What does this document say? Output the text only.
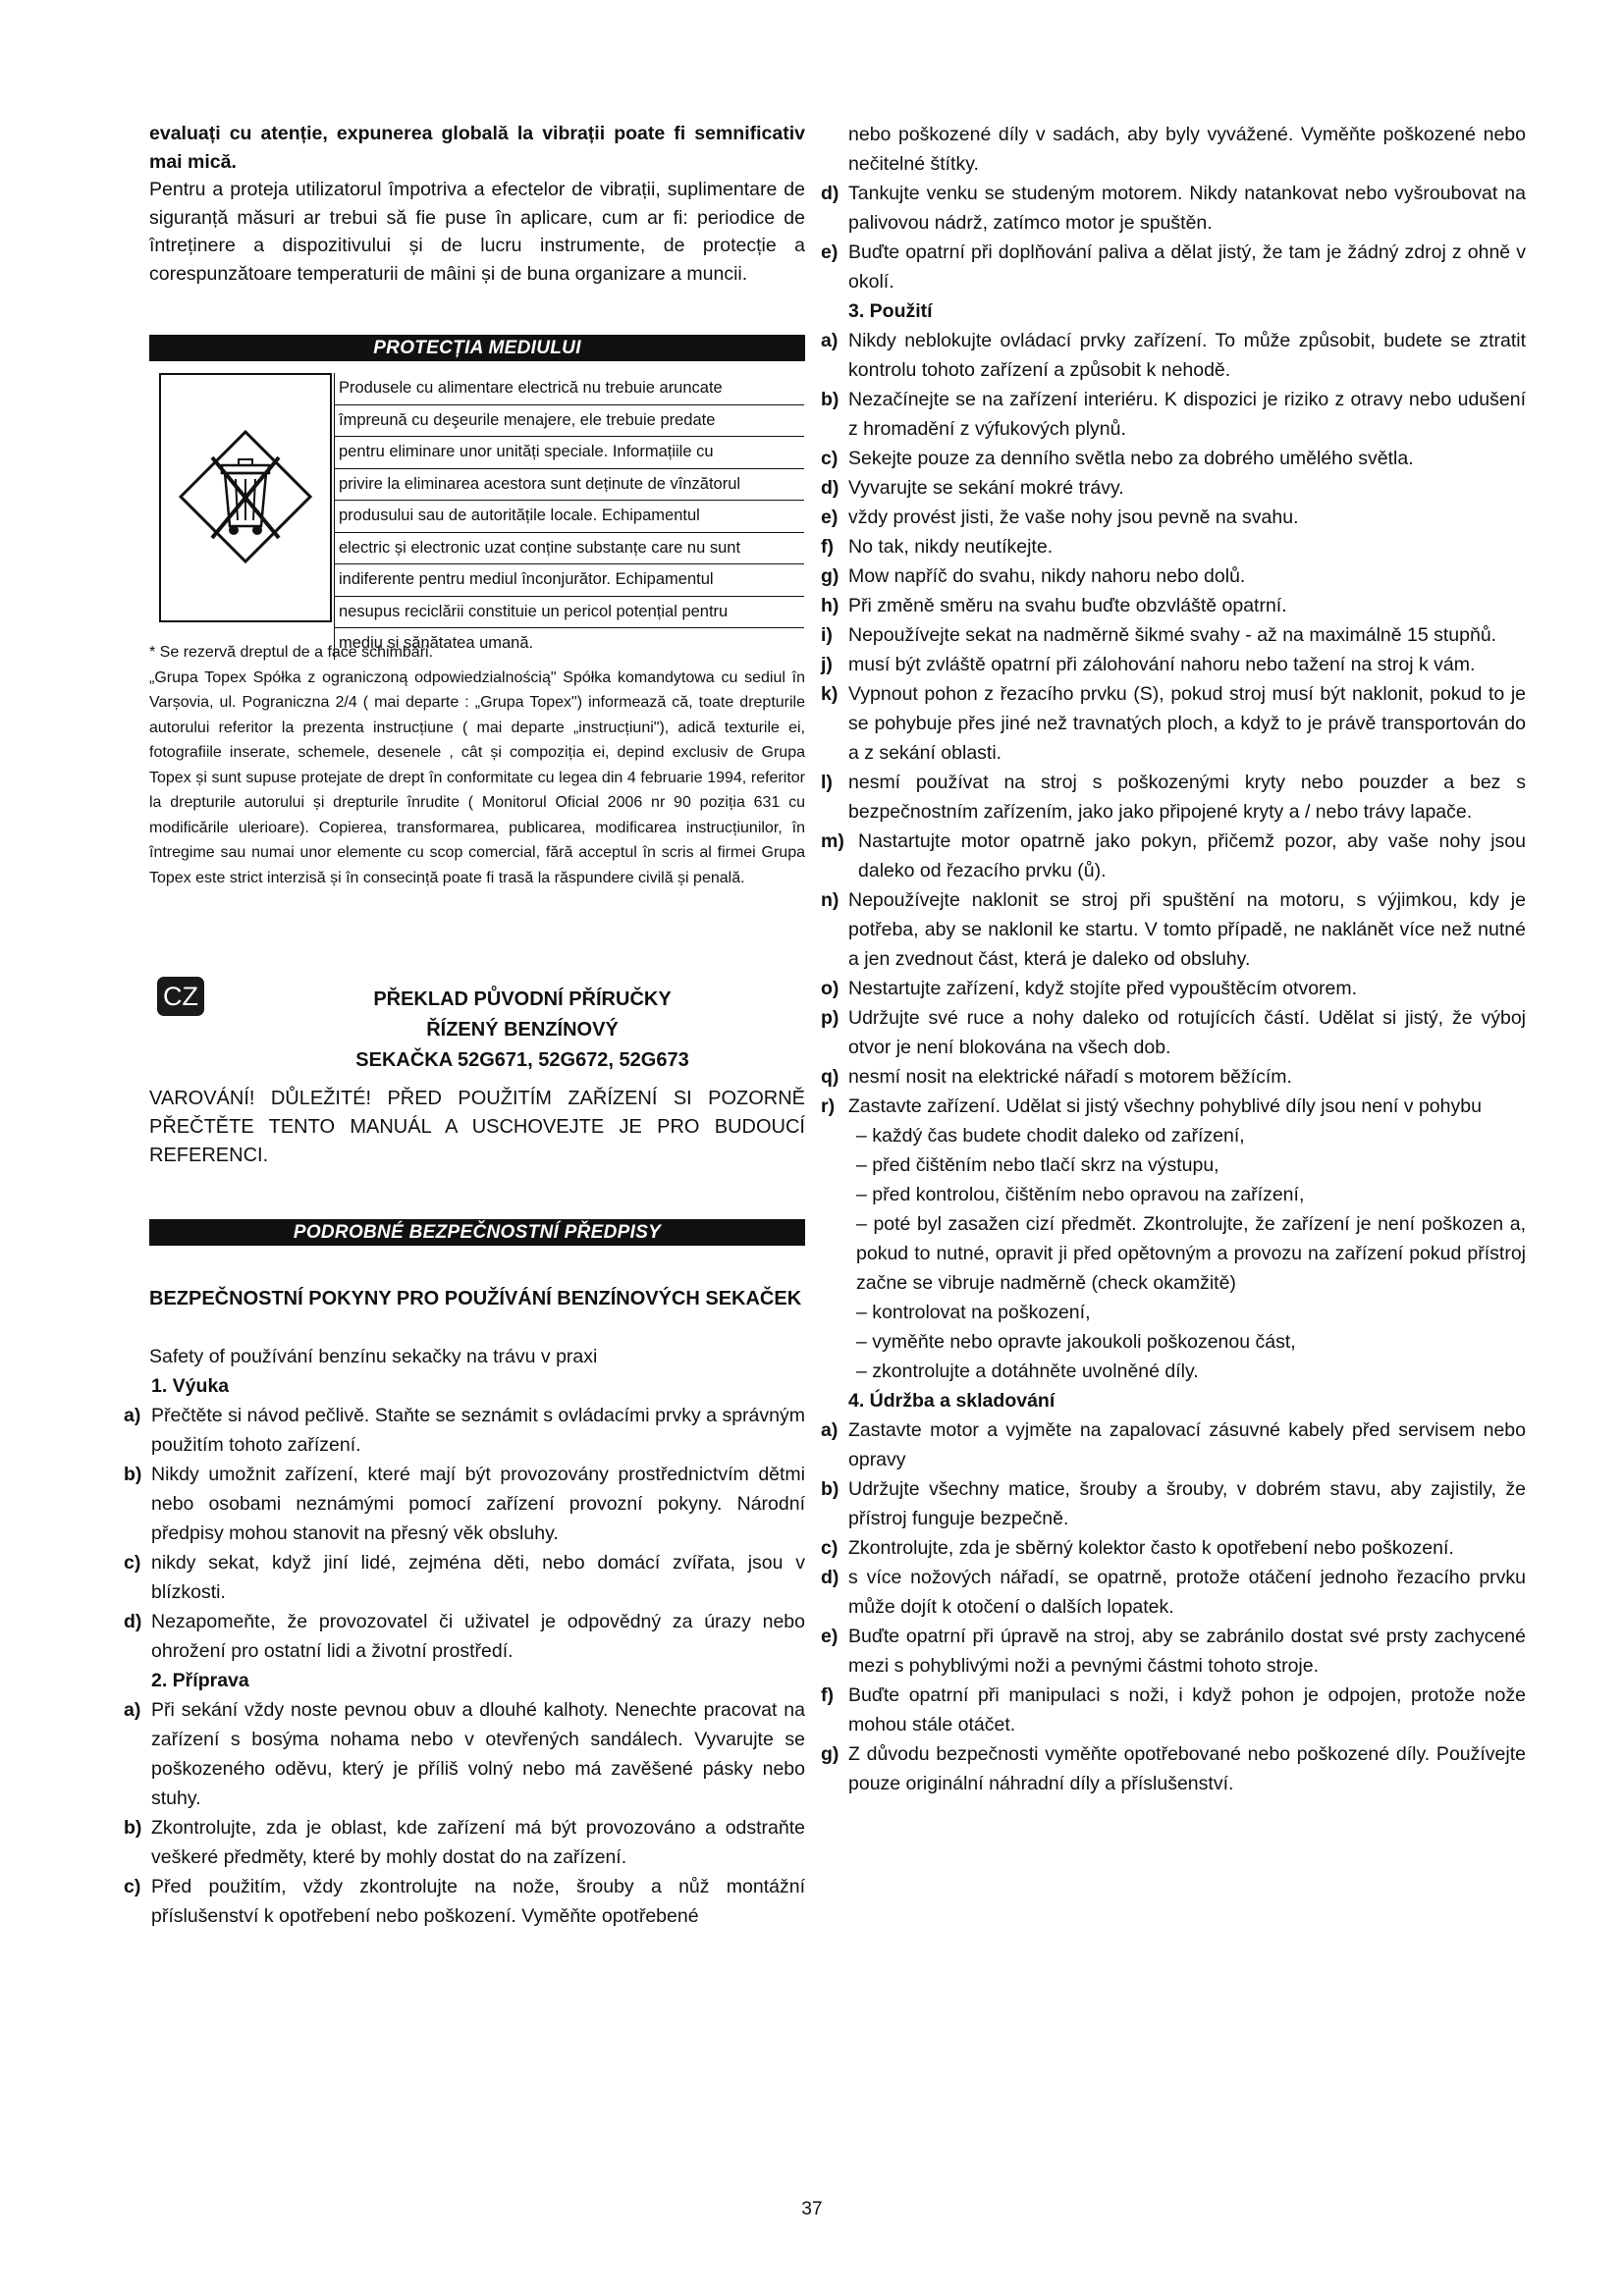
evaluați cu atenție, expunerea globală la vibrații poate fi semnificativ mai mică.

Pentru a proteja utilizatorul împotriva a efectelor de vibrații, suplimentare de siguranță măsuri ar trebui să fie puse în aplicare, cum ar fi: periodice de întreținere a dispozitivului și de lucru instrumente, de protecție a corespunzătoare temperaturii de mâini și de buna organizare a muncii.

PROTECȚIA MEDIULUI
Produsele cu alimentare electrică nu trebuie aruncate
împreună cu deşeurile menajere, ele trebuie predate
pentru eliminare unor unități speciale. Informațiile cu
privire la eliminarea acestora sunt deținute de vînzătorul
produsului sau de autoritățile locale. Echipamentul
electric și electronic uzat conține substanțe care nu sunt
indiferente pentru mediul înconjurător. Echipamentul
nesupus reciclării constituie un pericol potențial pentru
mediu și sănătatea umană.

* Se rezervă dreptul de a face schimbări.

„Grupa Topex Spółka z ograniczoną odpowiedzialnością" Spółka komandytowa cu sediul în Varșovia, ul. Pograniczna 2/4 ( mai departe : „Grupa Topex") informează că, toate drepturile autorului referitor la prezenta instrucțiune ( mai departe „instrucțiuni"), adică texturile ei, fotografiile inserate, schemele, desenele , cât și compoziția ei, depind exclusiv de Grupa Topex și sunt supuse protejate de drept în conformitate cu legea din 4 februarie 1994, referitor la drepturile autorului și drepturile înrudite ( Monitorul Oficial 2006 nr 90 poziția 631 cu modificările ulerioare). Copierea, transformarea, publicarea, modificarea instrucțiunilor, în întregime sau numai unor elemente cu scop comercial, fără acceptul în scris al firmei Grupa Topex este strict interzisă și în consecință poate fi trasă la răspundere civilă și penală.

CZ	PŘEKLAD PŮVODNÍ PŘÍRUČKY
ŘÍZENÝ BENZÍNOVÝ
SEKAČKA 52G671, 52G672, 52G673

VAROVÁNÍ! DŮLEŽITÉ! PŘED POUŽITÍM ZAŘÍZENÍ SI POZORNĚ PŘEČTĚTE TENTO MANUÁL A USCHOVEJTE JE PRO BUDOUCÍ REFERENCI.

PODROBNÉ BEZPEČNOSTNÍ PŘEDPISY
BEZPEČNOSTNÍ POKYNY PRO POUŽÍVÁNÍ BENZÍNOVÝCH SEKAČEK

Safety of používání benzínu sekačky na trávu v praxi

1. Výuka
a) Přečtěte si návod pečlivě. Staňte se seznámit s ovládacími prvky a správným použitím tohoto zařízení.
b) Nikdy umožnit zařízení, které mají být provozovány prostřednictvím dětmi nebo osobami neznámými pomocí zařízení provozní pokyny. Národní předpisy mohou stanovit na přesný věk obsluhy.
c) nikdy sekat, když jiní lidé, zejména děti, nebo domácí zvířata, jsou v blízkosti.
d) Nezapomeňte, že provozovatel či uživatel je odpovědný za úrazy nebo ohrožení pro ostatní lidi a životní prostředí.
2. Příprava
a) Při sekání vždy noste pevnou obuv a dlouhé kalhoty. Nenechte pracovat na zařízení s bosýma nohama nebo v otevřených sandálech. Vyvarujte se poškozeného oděvu, který je příliš volný nebo má zavěšené pásky nebo stuhy.
b) Zkontrolujte, zda je oblast, kde zařízení má být provozováno a odstraňte veškeré předměty, které by mohly dostat do na zařízení.
c) Před použitím, vždy zkontrolujte na nože, šrouby a nůž montážní příslušenství k opotřebení nebo poškození. Vyměňte opotřebené
nebo poškozené díly v sadách, aby byly vyvážené. Vyměňte poškozené nebo nečitelné štítky.
d) Tankujte venku se studeným motorem. Nikdy natankovat nebo vyšroubovat na palivovou nádrž, zatímco motor je spuštěn.
e) Buďte opatrní při doplňování paliva a dělat jistý, že tam je žádný zdroj z ohně v okolí.
3. Použití
a) Nikdy neblokujte ovládací prvky zařízení. To může způsobit, budete se ztratit kontrolu tohoto zařízení a způsobit k nehodě.
b) Nezačínejte se na zařízení interiéru. K dispozici je riziko z otravy nebo udušení z hromadění z výfukových plynů.
c) Sekejte pouze za denního světla nebo za dobrého umělého světla.
d) Vyvarujte se sekání mokré trávy.
e) vždy provést jisti, že vaše nohy jsou pevně na svahu.
f) No tak, nikdy neutíkejte.
g) Mow napříč do svahu, nikdy nahoru nebo dolů.
h) Při změně směru na svahu buďte obzvláště opatrní.
i) Nepoužívejte sekat na nadměrně šikmé svahy - až na maximálně 15 stupňů.
j) musí být zvláště opatrní při zálohování nahoru nebo tažení na stroj k vám.
k) Vypnout pohon z řezacího prvku (S), pokud stroj musí být naklonit, pokud to je se pohybuje přes jiné než travnatých ploch, a když to je právě transportován do a z sekání oblasti.
l) nesmí používat na stroj s poškozenými kryty nebo pouzder a bez s bezpečnostním zařízením, jako jako připojené kryty a / nebo trávy lapače.
m) Nastartujte motor opatrně jako pokyn, přičemž pozor, aby vaše nohy jsou daleko od řezacího prvku (ů).
n) Nepoužívejte naklonit se stroj při spuštění na motoru, s výjimkou, kdy je potřeba, aby se naklonil ke startu. V tomto případě, ne naklánět více než nutné a jen zvednout část, která je daleko od obsluhy.
o) Nestartujte zařízení, když stojíte před vypouštěcím otvorem.
p) Udržujte své ruce a nohy daleko od rotujících částí. Udělat si jistý, že výboj otvor je není blokována na všech dob.
q) nesmí nosit na elektrické nářadí s motorem běžícím.
r) Zastavte zařízení. Udělat si jistý všechny pohyblivé díly jsou není v pohybu
– každý čas budete chodit daleko od zařízení,
– před čištěním nebo tlačí skrz na výstupu,
– před kontrolou, čištěním nebo opravou na zařízení,
– poté byl zasažen cizí předmět. Zkontrolujte, že zařízení je není poškozen a, pokud to nutné, opravit ji před opětovným a provozu na zařízení pokud přístroj začne se vibruje nadměrně (check okamžitě)
– kontrolovat na poškození,
– vyměňte nebo opravte jakoukoli poškozenou část,
– zkontrolujte a dotáhněte uvolněné díly.
4. Údržba a skladování
a) Zastavte motor a vyjměte na zapalovací zásuvné kabely před servisem nebo opravy
b) Udržujte všechny matice, šrouby a šrouby, v dobrém stavu, aby zajistily, že přístroj funguje bezpečně.
c) Zkontrolujte, zda je sběrný kolektor často k opotřebení nebo poškození.
d) s více nožových nářadí, se opatrně, protože otáčení jednoho řezacího prvku může dojít k otočení o dalších lopatek.
e) Buďte opatrní při úpravě na stroj, aby se zabránilo dostat své prsty zachycené mezi s pohyblivými noži a pevnými částmi tohoto stroje.
f) Buďte opatrní při manipulaci s noži, i když pohon je odpojen, protože nože mohou stále otáčet.
g) Z důvodu bezpečnosti vyměňte opotřebované nebo poškozené díly. Používejte pouze originální náhradní díly a příslušenství.
37
